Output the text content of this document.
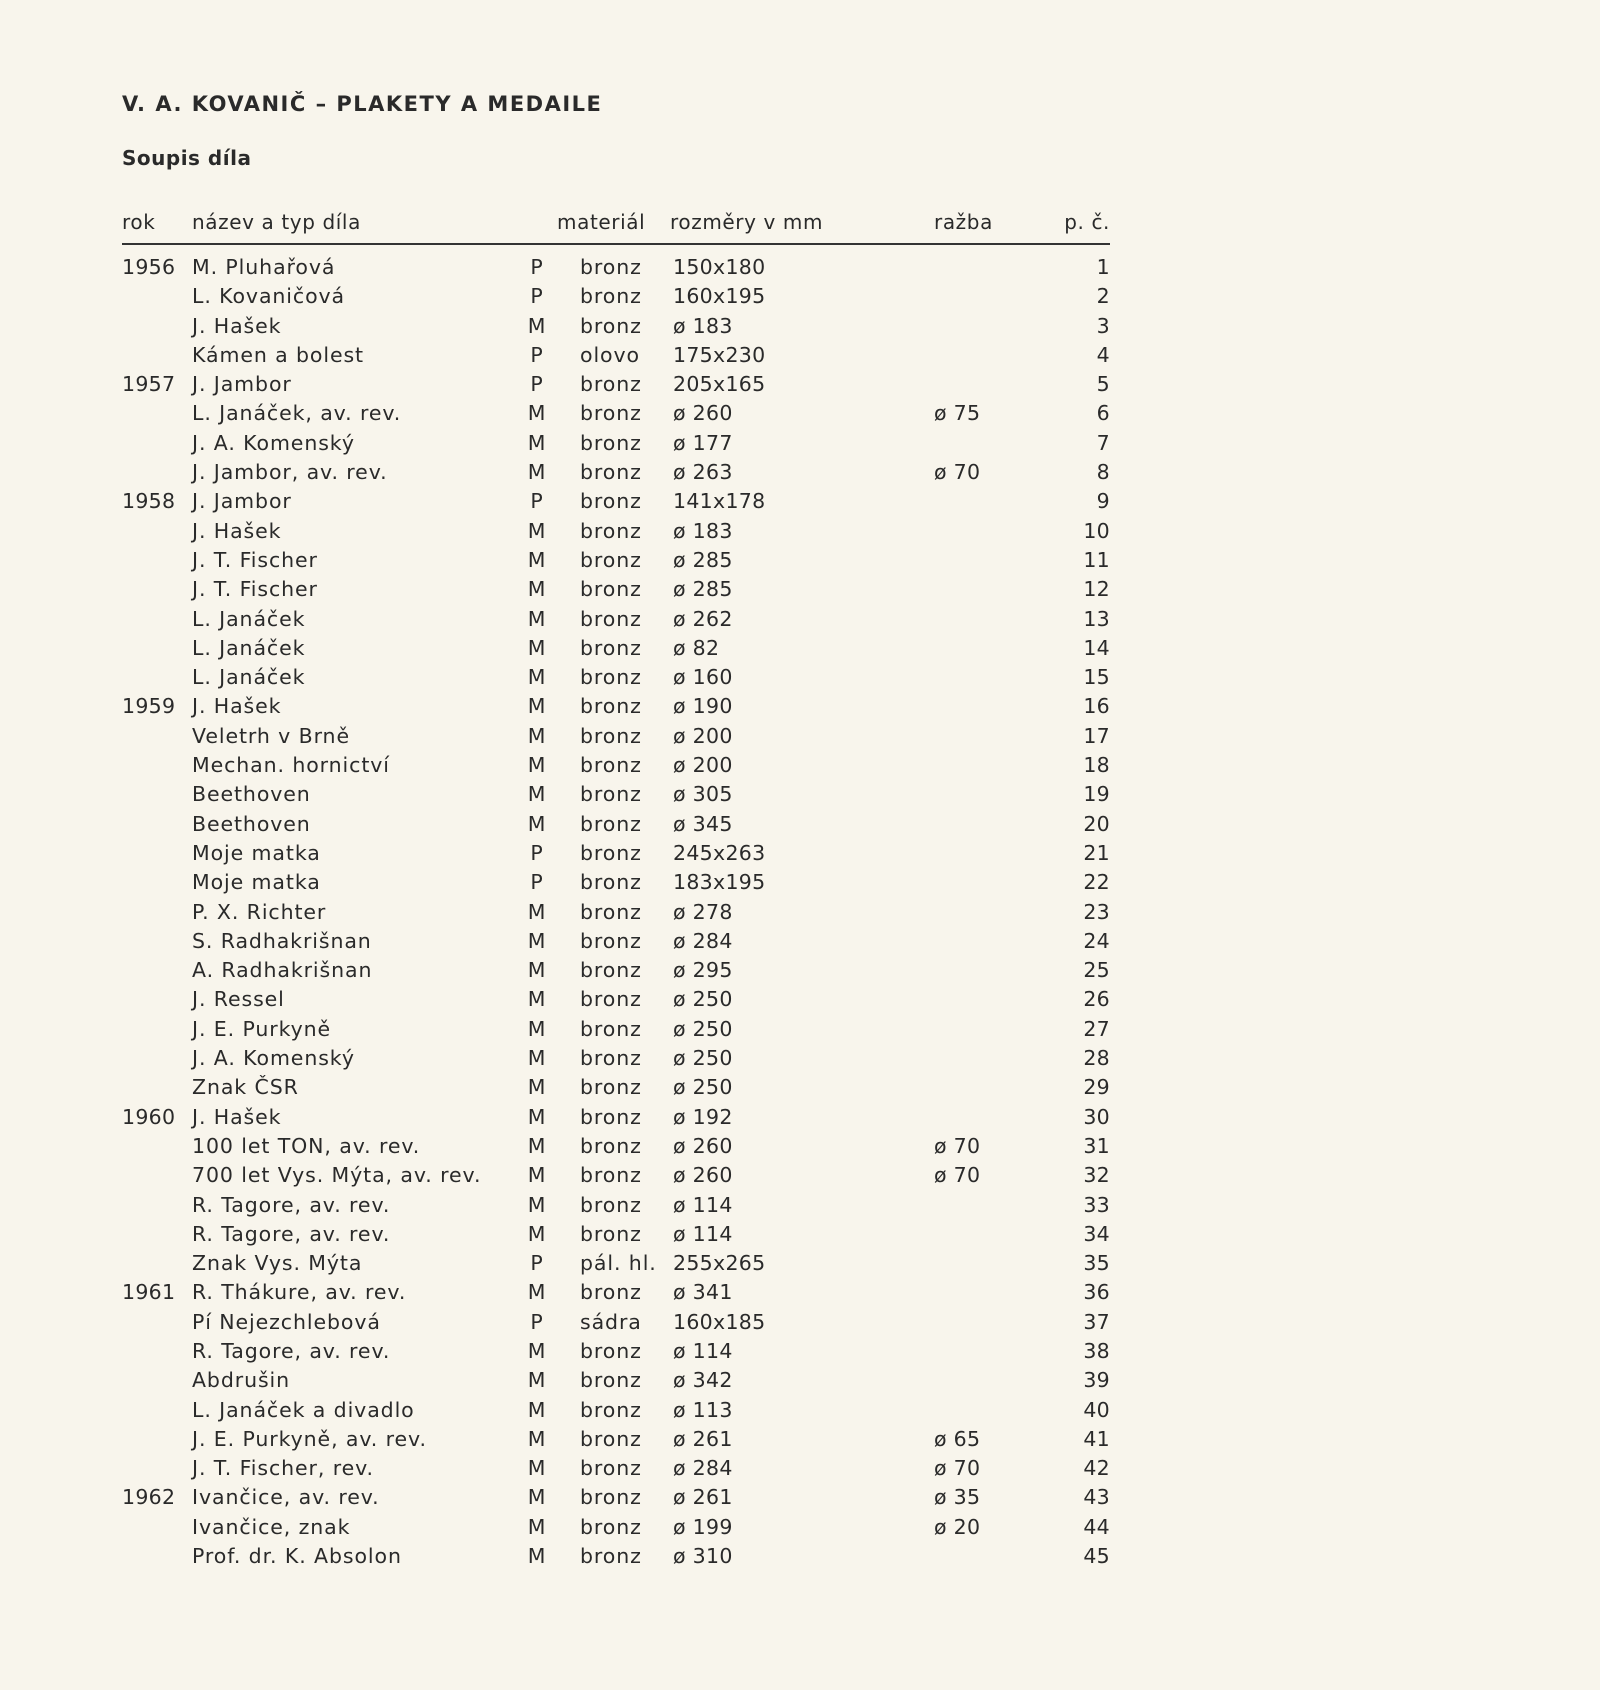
V. A. KOVANIČ – PLAKETY A MEDAILE
Soupis díla
rok název a typ díla	materiál rozměry v mm	ražba	p. č.
1956 M. Pluhařová	P bronz 150x180	1
L. Kovaničová	P bronz 160x195	2
J. Hašek	M bronz ø 183	3
Kámen a bolest	P olovo 175x230	4
1957 J. Jambor	P bronz 205x165	5
L. Janáček, av. rev.	M bronz ø 260	ø 75	6
J. A. Komenský	M bronz ø 177	7
J. Jambor, av. rev.	M bronz ø 263	ø 70	8
1958 J. Jambor	P bronz 141x178	9
J. Hašek	M bronz ø 183	10
J. T. Fischer	M bronz ø 285	11
J. T. Fischer	M bronz ø 285	12
L. Janáček	M bronz ø 262	13
L. Janáček	M bronz ø 82	14
L. Janáček	M bronz ø 160	15
1959 J. Hašek	M bronz ø 190	16
Veletrh v Brně	M bronz ø 200	17
Mechan. hornictví	M bronz ø 200	18
Beethoven	M bronz ø 305	19
Beethoven	M bronz ø 345	20
Moje matka	P bronz 245x263	21
Moje matka	P bronz 183x195	22
P. X. Richter	M bronz ø 278	23
S. Radhakrišnan	M bronz ø 284	24
A. Radhakrišnan	M bronz ø 295	25
J. Ressel	M bronz ø 250	26
J. E. Purkyně	M bronz ø 250	27
J. A. Komenský	M bronz ø 250	28
Znak ČSR	M bronz ø 250	29
1960 J. Hašek	M bronz ø 192	30
100 let TON, av. rev.	M bronz ø 260	ø 70	31
700 let Vys. Mýta, av. rev. M bronz ø 260	ø 70	32
R. Tagore, av. rev.	M bronz ø 114	33
R. Tagore, av. rev.	M bronz ø 114	34
Znak Vys. Mýta	P pál. hl. 255x265	35
1961 R. Thákure, av. rev.	M bronz ø 341	36
Pí Nejezchlebová	P sádra 160x185	37
R. Tagore, av. rev.	M bronz ø 114	38
Abdrušin	M bronz ø 342	39
L. Janáček a divadlo	M bronz ø 113	40
J. E. Purkyně, av. rev.	M bronz ø 261	ø 65	41
J. T. Fischer, rev.	M bronz ø 284	ø 70	42
1962 Ivančice, av. rev.	M bronz ø 261	ø 35	43
Ivančice, znak	M bronz ø 199	ø 20	44
Prof. dr. K. Absolon	M bronz ø 310	45
